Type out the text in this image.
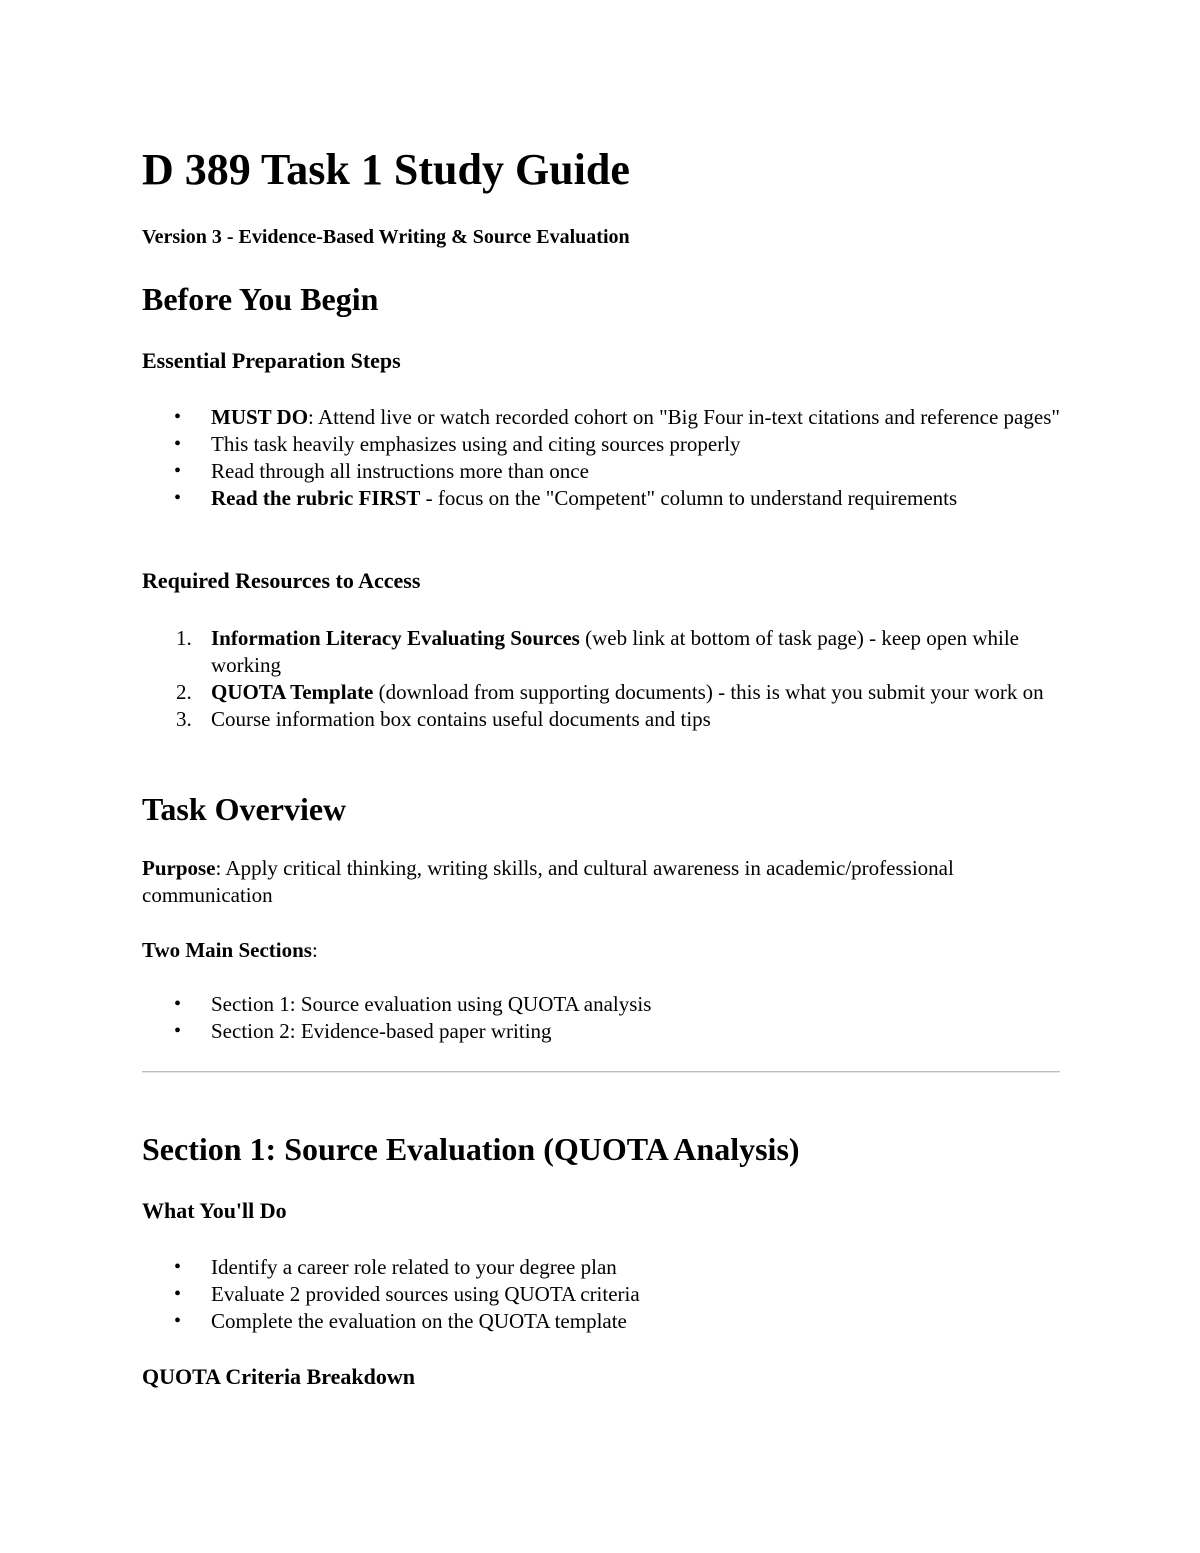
D 389 Task 1 Study Guide

Version 3 - Evidence-Based Writing & Source Evaluation

Before You Begin
Essential Preparation Steps
• MUST DO: Attend live or watch recorded cohort on "Big Four in-text citations and reference pages"
• This task heavily emphasizes using and citing sources properly
• Read through all instructions more than once
• Read the rubric FIRST - focus on the "Competent" column to understand requirements
Required Resources to Access
1. Information Literacy Evaluating Sources (web link at bottom of task page) - keep open while working
2. QUOTA Template (download from supporting documents) - this is what you submit your work on
3. Course information box contains useful documents and tips
Task Overview

Purpose: Apply critical thinking, writing skills, and cultural awareness in academic/professional communication

Two Main Sections:

• Section 1: Source evaluation using QUOTA analysis
• Section 2: Evidence-based paper writing
Section 1: Source Evaluation (QUOTA Analysis)
What You'll Do
• Identify a career role related to your degree plan
• Evaluate 2 provided sources using QUOTA criteria
• Complete the evaluation on the QUOTA template
QUOTA Criteria Breakdown
